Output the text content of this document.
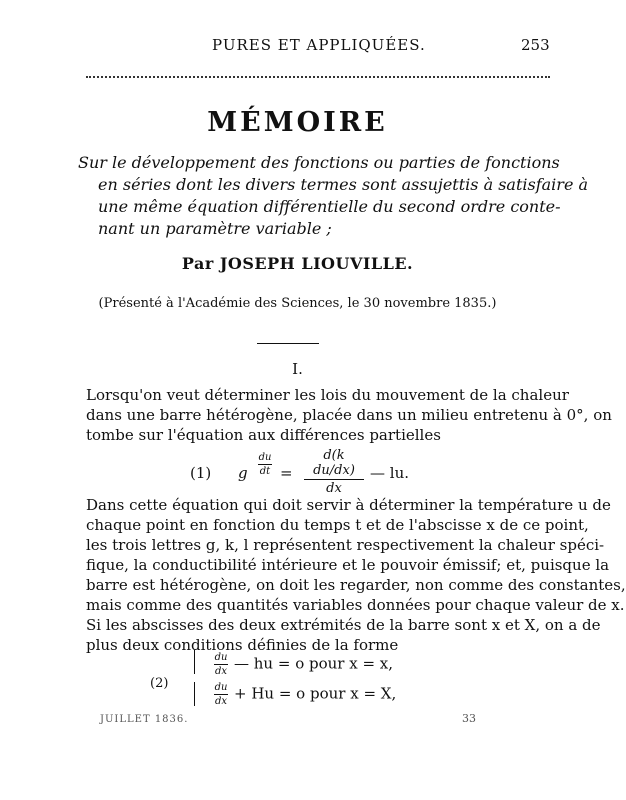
PURES ET APPLIQUÉES.	253
MÉMOIRE
Sur le développement des fonctions ou parties de fonctions
en séries dont les divers termes sont assujettis à satisfaire à
une même équation différentielle du second ordre conte-
nant un paramètre variable ;
Par JOSEPH LIOUVILLE.
(Présenté à l'Académie des Sciences, le 30 novembre 1835.)
I.
Lorsqu'on veut déterminer les lois du mouvement de la chaleur
dans une barre hétérogène, placée dans un milieu entretenu à 0°, on
tombe sur l'équation aux différences partielles
(1) g
du
dt =
d(k du/dx)
dx
— lu.
Dans cette équation qui doit servir à déterminer la température u de
chaque point en fonction du temps t et de l'abscisse x de ce point,
les trois lettres g, k, l représentent respectivement la chaleur spéci-
fique, la conductibilité intérieure et le pouvoir émissif; et, puisque la
barre est hétérogène, on doit les regarder, non comme des constantes,
mais comme des quantités variables données pour chaque valeur de x.
Si les abscisses des deux extrémités de la barre sont x et X, on a de
plus deux conditions définies de la forme
(2)
$\frac{du}{dx}$ — hu = o pour x = x,
$\frac{du}{dx} + Hu = o$ pour x = X,
JUILLET 1836.	33
